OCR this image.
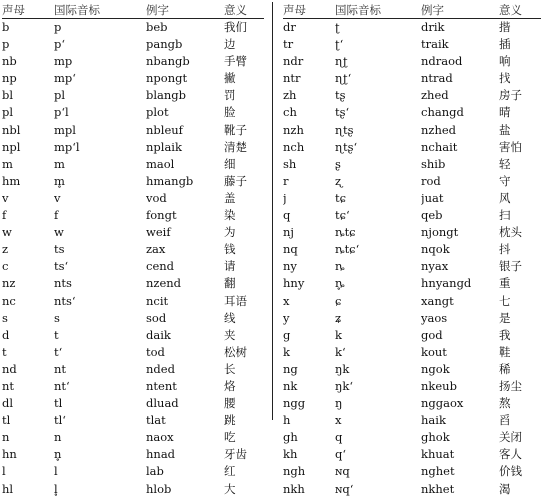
声母	国际音标	例字	意义
b	p	beb	我们
p	pʻ	pangb	边
nb	mp	nbangb	手臂
np	mpʻ	npongt	撇
bl	pl	blangb	罚
pl	pʻl	plot	脸
nbl	mpl	nbleuf	靴子
npl	mpʻl	nplaik	清楚
m	m	maol	细
hm	m̥	hmangb	藤子
v	v	vod	盖
f	f	fongt	染
w	w	weif	为
z	ts	zax	钱
c	tsʻ	cend	请
nz	nts	nzend	翻
nc	ntsʻ	ncit	耳语
s	s	sod	线
d	t	daik	夹
t	tʻ	tod	松树
nd	nt	nded	长
nt	ntʻ	ntent	烙
dl	tl	dluad	腰
tl	tlʻ	tlat	跳
n	n	naox	吃
hn	n̥	hnad	牙齿
l	l	lab	红
hl	l̥	hlob	大
声母	国际音标	例字	意义
dr	ʈ	drik	揩
tr	ʈʻ	traik	插
ndr	ɳʈ	ndraod	响
ntr	ɳʈʻ	ntrad	找
zh	tʂ	zhed	房子
ch	tʂʻ	changd	晴
nzh	ɳtʂ	nzhed	盐
nch	ɳtʂʻ	nchait	害怕
sh	ʂ	shib	轻
r	ʐ	rod	守
j	tɕ	juat	风
q	tɕʻ	qeb	扫
nj	ȵtɕ	njongt	枕头
nq	ȵtɕʻ	nqok	抖
ny	ȵ	nyax	银子
hny	ȵ̥	hnyangd	重
x	ɕ	xangt	七
y	ʑ	yaos	是
g	k	god	我
k	kʻ	kout	鞋
ng	ŋk	ngok	稀
nk	ŋkʻ	nkeub	扬尘
ngg	ŋ	nggaox	熬
h	x	haik	舀
gh	q	ghok	关闭
kh	qʻ	khuat	客人
ngh	ɴq	nghet	价钱
nkh	ɴqʻ	nkhet	渴
